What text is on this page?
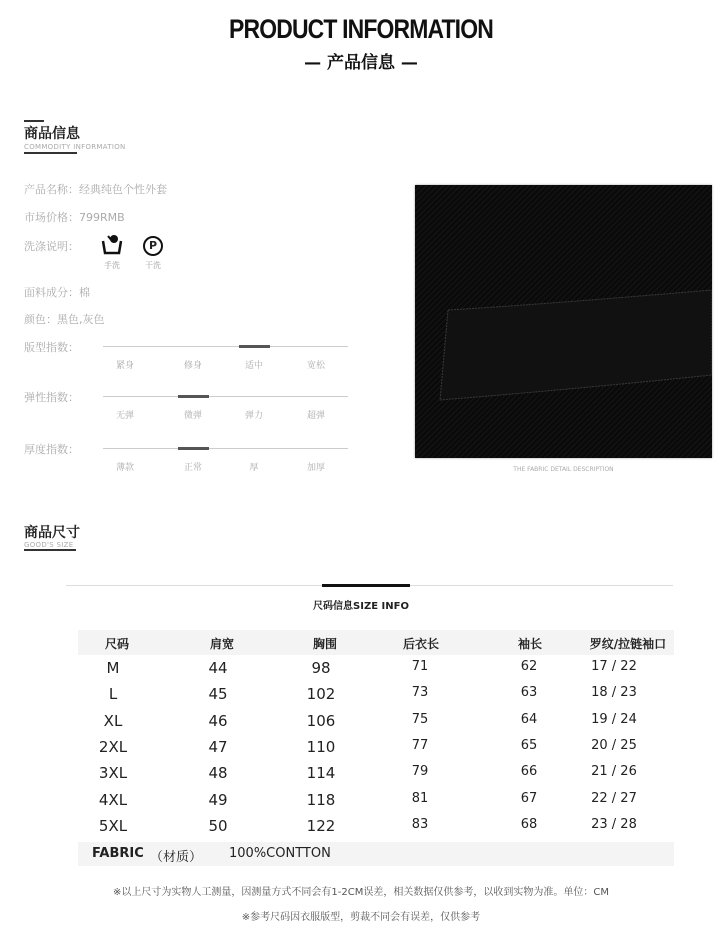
PRODUCT INFORMATION
— 产品信息 —
商品信息
COMMODITY INFORMATION
产品名称：经典纯色个性外套
市场价格：799RMB
洗涤说明：
手洗
P
干洗
面料成分：棉
颜色：黑色,灰色
版型指数：
紧身	修身	适中	宽松
弹性指数：
无弹	微弹	弹力	超弹
厚度指数：
薄款	正常	厚	加厚	THE FABRIC DETAIL DESCRIPTION
商品尺寸
GOOD'S SIZE
尺码信息SIZE INFO
尺码	肩宽	胸围	后衣长	袖长	罗纹/拉链袖口
M	44	98	71	62	17 / 22
L	45	102	73	63	18 / 23
XL	46	106	75	64	19 / 24
2XL	47	110	77	65	20 / 25
3XL	48	114	79	66	21 / 26
4XL	49	118	81	67	22 / 27
5XL	50	122	83	68	23 / 28
FABRIC （材质） 100%CONTTON
※以上尺寸为实物人工测量，因测量方式不同会有1-2CM误差，相关数据仅供参考，以收到实物为准。单位：CM
※参考尺码因衣服版型，剪裁不同会有误差，仅供参考
